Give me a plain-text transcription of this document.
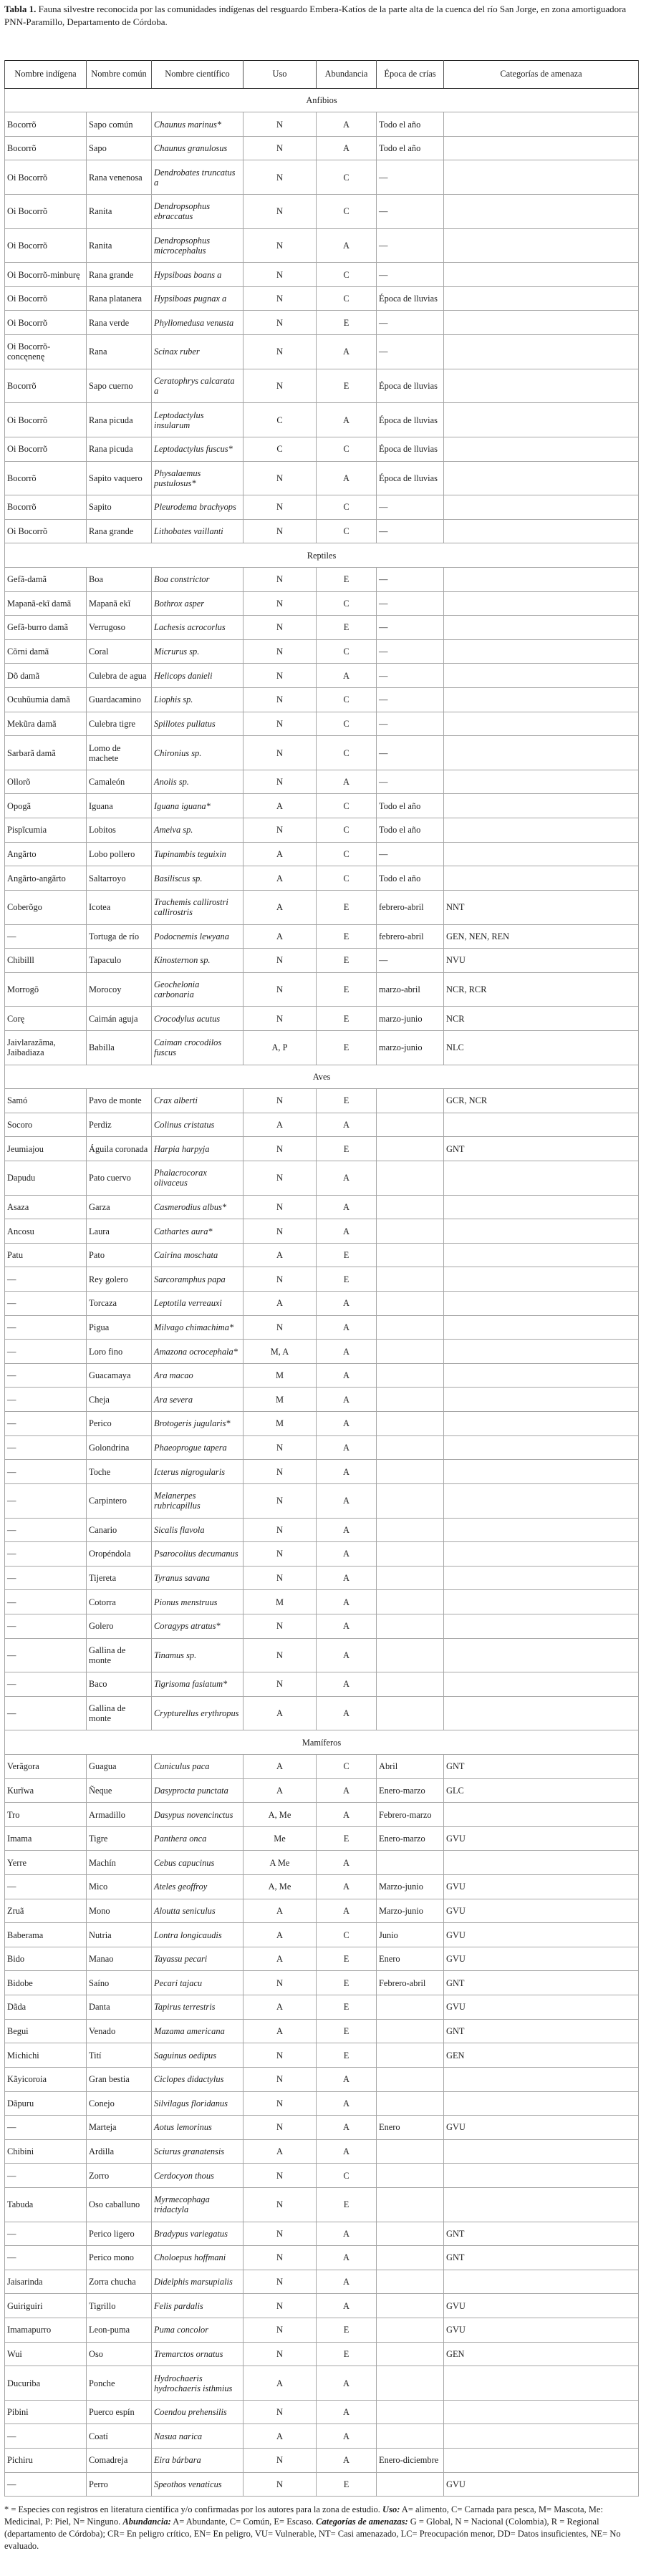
Tabla 1. Fauna silvestre reconocida por las comunidades indígenas del resguardo Embera-Katíos de la parte alta de la cuenca del río San Jorge, en zona amortiguadora PNN-Paramillo, Departamento de Córdoba.
Nombre indígena	Nombre común	Nombre científico	Uso	Abundancia	Época de crías	Categorías de amenaza
Anfibios						
Bocorrõ	Sapo común	Chaunus marinus*	N	A	Todo el año	
Bocorrõ	Sapo	Chaunus granulosus	N	A	Todo el año	
Oi Bocorrõ	Rana venenosa	Dendrobates truncatus a	N	C	—	
Oi Bocorrõ	Ranita	Dendropsophus ebraccatus	N	C	—	
Oi Bocorrõ	Ranita	Dendropsophus microcephalus	N	A	—	
Oi Bocorrõ-minburę	Rana grande	Hypsiboas boans a	N	C	—	
Oi Bocorrõ	Rana platanera	Hypsiboas pugnax a	N	C	Época de lluvias	
Oi Bocorrõ	Rana verde	Phyllomedusa venusta	N	E	—	
Oi Bocorrõ-concęnenę	Rana	Scinax ruber	N	A	—	
Bocorrõ	Sapo cuerno	Ceratophrys calcarata a	N	E	Época de lluvias	
Oi Bocorrõ	Rana picuda	Leptodactylus insularum	C	A	Época de lluvias	
Oi Bocorrõ	Rana picuda	Leptodactylus fuscus*	C	C	Época de lluvias	
Bocorrõ	Sapito vaquero	Physalaemus pustulosus*	N	A	Época de lluvias	
Bocorrõ	Sapito	Pleurodema brachyops	N	C	—	
Oi Bocorrõ	Rana grande	Lithobates vaillanti	N	C	—	
Reptiles						
Gefã-damã	Boa	Boa constrictor	N	E	—	
Mapanã-ekĩ damã	Mapanã ekĩ	Bothrox asper	N	C	—	
Gefã-burro damã	Verrugoso	Lachesis acrocorlus	N	E	—	
Cõrni damã	Coral	Micrurus sp.	N	C	—	
Dõ damã	Culebra de agua	Helicops danieli	N	A	—	
Ocuhũumia damã	Guardacamino	Liophis sp.	N	C	—	
Mekũra damã	Culebra tigre	Spillotes pullatus	N	C	—	
Sarbarã damã	Lomo de machete	Chironius sp.	N	C	—	
Ollorõ	Camaleón	Anolis sp.	N	A	—	
Opogã	Iguana	Iguana iguana*	A	C	Todo el año	
Pispĩcumia	Lobitos	Ameiva sp.	N	C	Todo el año	
Angãrto	Lobo pollero	Tupinambis teguixin	A	C	—	
Angãrto-angãrto	Saltarroyo	Basiliscus sp.	A	C	Todo el año	
Coberõgo	Icotea	Trachemis callirostri callirostris	A	E	febrero-abril	NNT
—	Tortuga de río	Podocnemis lewyana	A	E	febrero-abril	GEN, NEN, REN
Chibilll	Tapaculo	Kinosternon sp.	N	E	—	NVU
Morrogõ	Morocoy	Geochelonia carbonaria	N	E	marzo-abril	NCR, RCR
Corę	Caimán aguja	Crocodylus acutus	N	E	marzo-junio	NCR
Jaivlarazãma, Jaibadiaza	Babilla	Caiman crocodilos fuscus	A, P	E	marzo-junio	NLC
Aves						
Samó	Pavo de monte	Crax alberti	N	E		GCR, NCR
Socoro	Perdiz	Colinus cristatus	A	A		
Jeumiajou	Águila coronada	Harpia harpyja	N	E		GNT
Dapudu	Pato cuervo	Phalacrocorax olivaceus	N	A		
Asaza	Garza	Casmerodius albus*	N	A		
Ancosu	Laura	Cathartes aura*	N	A		
Patu	Pato	Cairina moschata	A	E		
—	Rey golero	Sarcoramphus papa	N	E		
—	Torcaza	Leptotila verreauxi	A	A		
—	Pigua	Milvago chimachima*	N	A		
—	Loro fino	Amazona ocrocephala*	M, A	A		
—	Guacamaya	Ara macao	M	A		
—	Cheja	Ara severa	M	A		
—	Perico	Brotogeris jugularis*	M	A		
—	Golondrina	Phaeoprogue tapera	N	A		
—	Toche	Icterus nigrogularis	N	A		
—	Carpintero	Melanerpes rubricapillus	N	A		
—	Canario	Sicalis flavola	N	A		
—	Oropéndola	Psarocolius decumanus	N	A		
—	Tijereta	Tyranus savana	N	A		
—	Cotorra	Pionus menstruus	M	A		
—	Golero	Coragyps atratus*	N	A		
—	Gallina de monte	Tinamus sp.	N	A		
—	Baco	Tigrisoma fasiatum*	N	A		
—	Gallina de monte	Crypturellus erythropus	A	A		
Mamíferos						
Verãgora	Guagua	Cuniculus paca	A	C	Abril	GNT
Kurĩwa	Ñeque	Dasyprocta punctata	A	A	Enero-marzo	GLC
Tro	Armadillo	Dasypus novencinctus	A, Me	A	Febrero-marzo	
Imama	Tigre	Panthera onca	Me	E	Enero-marzo	GVU
Yerre	Machín	Cebus capucinus	A Me	A		
—	Mico	Ateles geoffroy	A, Me	A	Marzo-junio	GVU
Zruã	Mono	Aloutta seniculus	A	A	Marzo-junio	GVU
Baberama	Nutria	Lontra longicaudis	A	C	Junio	GVU
Bido	Manao	Tayassu pecari	A	E	Enero	GVU
Bidobe	Saíno	Pecari tajacu	N	E	Febrero-abril	GNT
Dãda	Danta	Tapirus terrestris	A	E		GVU
Begui	Venado	Mazama americana	A	E		GNT
Michichi	Tití	Saguinus oedipus	N	E		GEN
Kãyicoroia	Gran bestia	Ciclopes didactylus	N	A		
Dãpuru	Conejo	Silvilagus floridanus	N	A		
—	Marteja	Aotus lemorinus	N	A	Enero	GVU
Chibini	Ardilla	Sciurus granatensis	A	A		
—	Zorro	Cerdocyon thous	N	C		
Tabuda	Oso caballuno	Myrmecophaga tridactyla	N	E		
—	Perico ligero	Bradypus variegatus	N	A		GNT
—	Perico mono	Choloepus hoffmani	N	A		GNT
Jaisarinda	Zorra chucha	Didelphis marsupialis	N	A		
Guiriguiri	Tigrillo	Felis pardalis	N	A		GVU
Imamapurro	Leon-puma	Puma concolor	N	E		GVU
Wui	Oso	Tremarctos ornatus	N	E		GEN
Ducuriba	Ponche	Hydrochaeris hydrochaeris isthmius	A	A		
Pibini	Puerco espín	Coendou prehensilis	N	A		
—	Coatí	Nasua narica	A	A		
Pichiru	Comadreja	Eira bárbara	N	A	Enero-diciembre	
—	Perro	Speothos venaticus	N	E		GVU
* = Especies con registros en literatura científica y/o confirmadas por los autores para la zona de estudio. Uso: A= alimento, C= Carnada para pesca, M= Mascota, Me: Medicinal, P: Piel, N= Ninguno. Abundancia: A= Abundante, C= Común, E= Escaso. Categorías de amenazas: G = Global, N = Nacional (Colombia), R = Regional (departamento de Córdoba); CR= En peligro crítico, EN= En peligro, VU= Vulnerable, NT= Casi amenazado, LC= Preocupación menor, DD= Datos insuficientes, NE= No evaluado.
